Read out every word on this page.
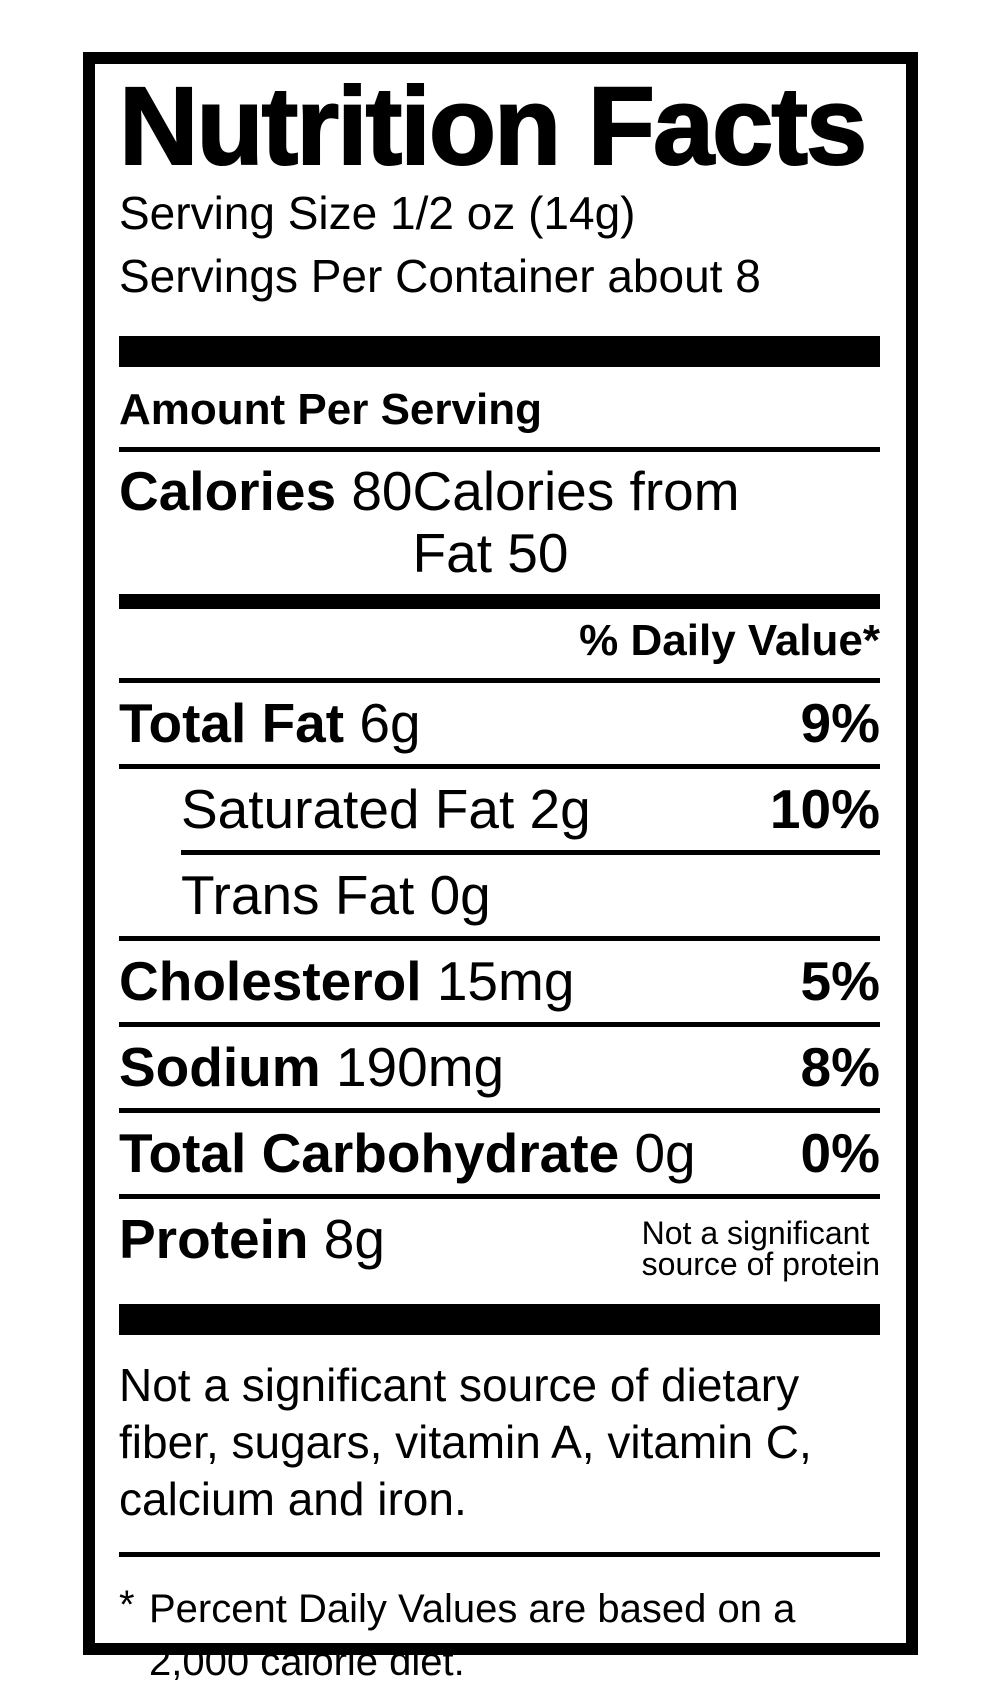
Nutrition Facts
Serving Size 1/2 oz (14g)
Servings Per Container about 8
Amount Per Serving
Calories 80 Calories from Fat 50
% Daily Value*
Total Fat 6g	9%
Saturated Fat 2g	10%
Trans Fat 0g
Cholesterol 15mg	5%
Sodium 190mg	8%
Total Carbohydrate 0g 0%
Protein 8g	Not a significant
source of protein
Not a significant source of dietary
fiber, sugars, vitamin A, vitamin C,
calcium and iron.
* Percent Daily Values are based on a
2,000 calorie diet.
